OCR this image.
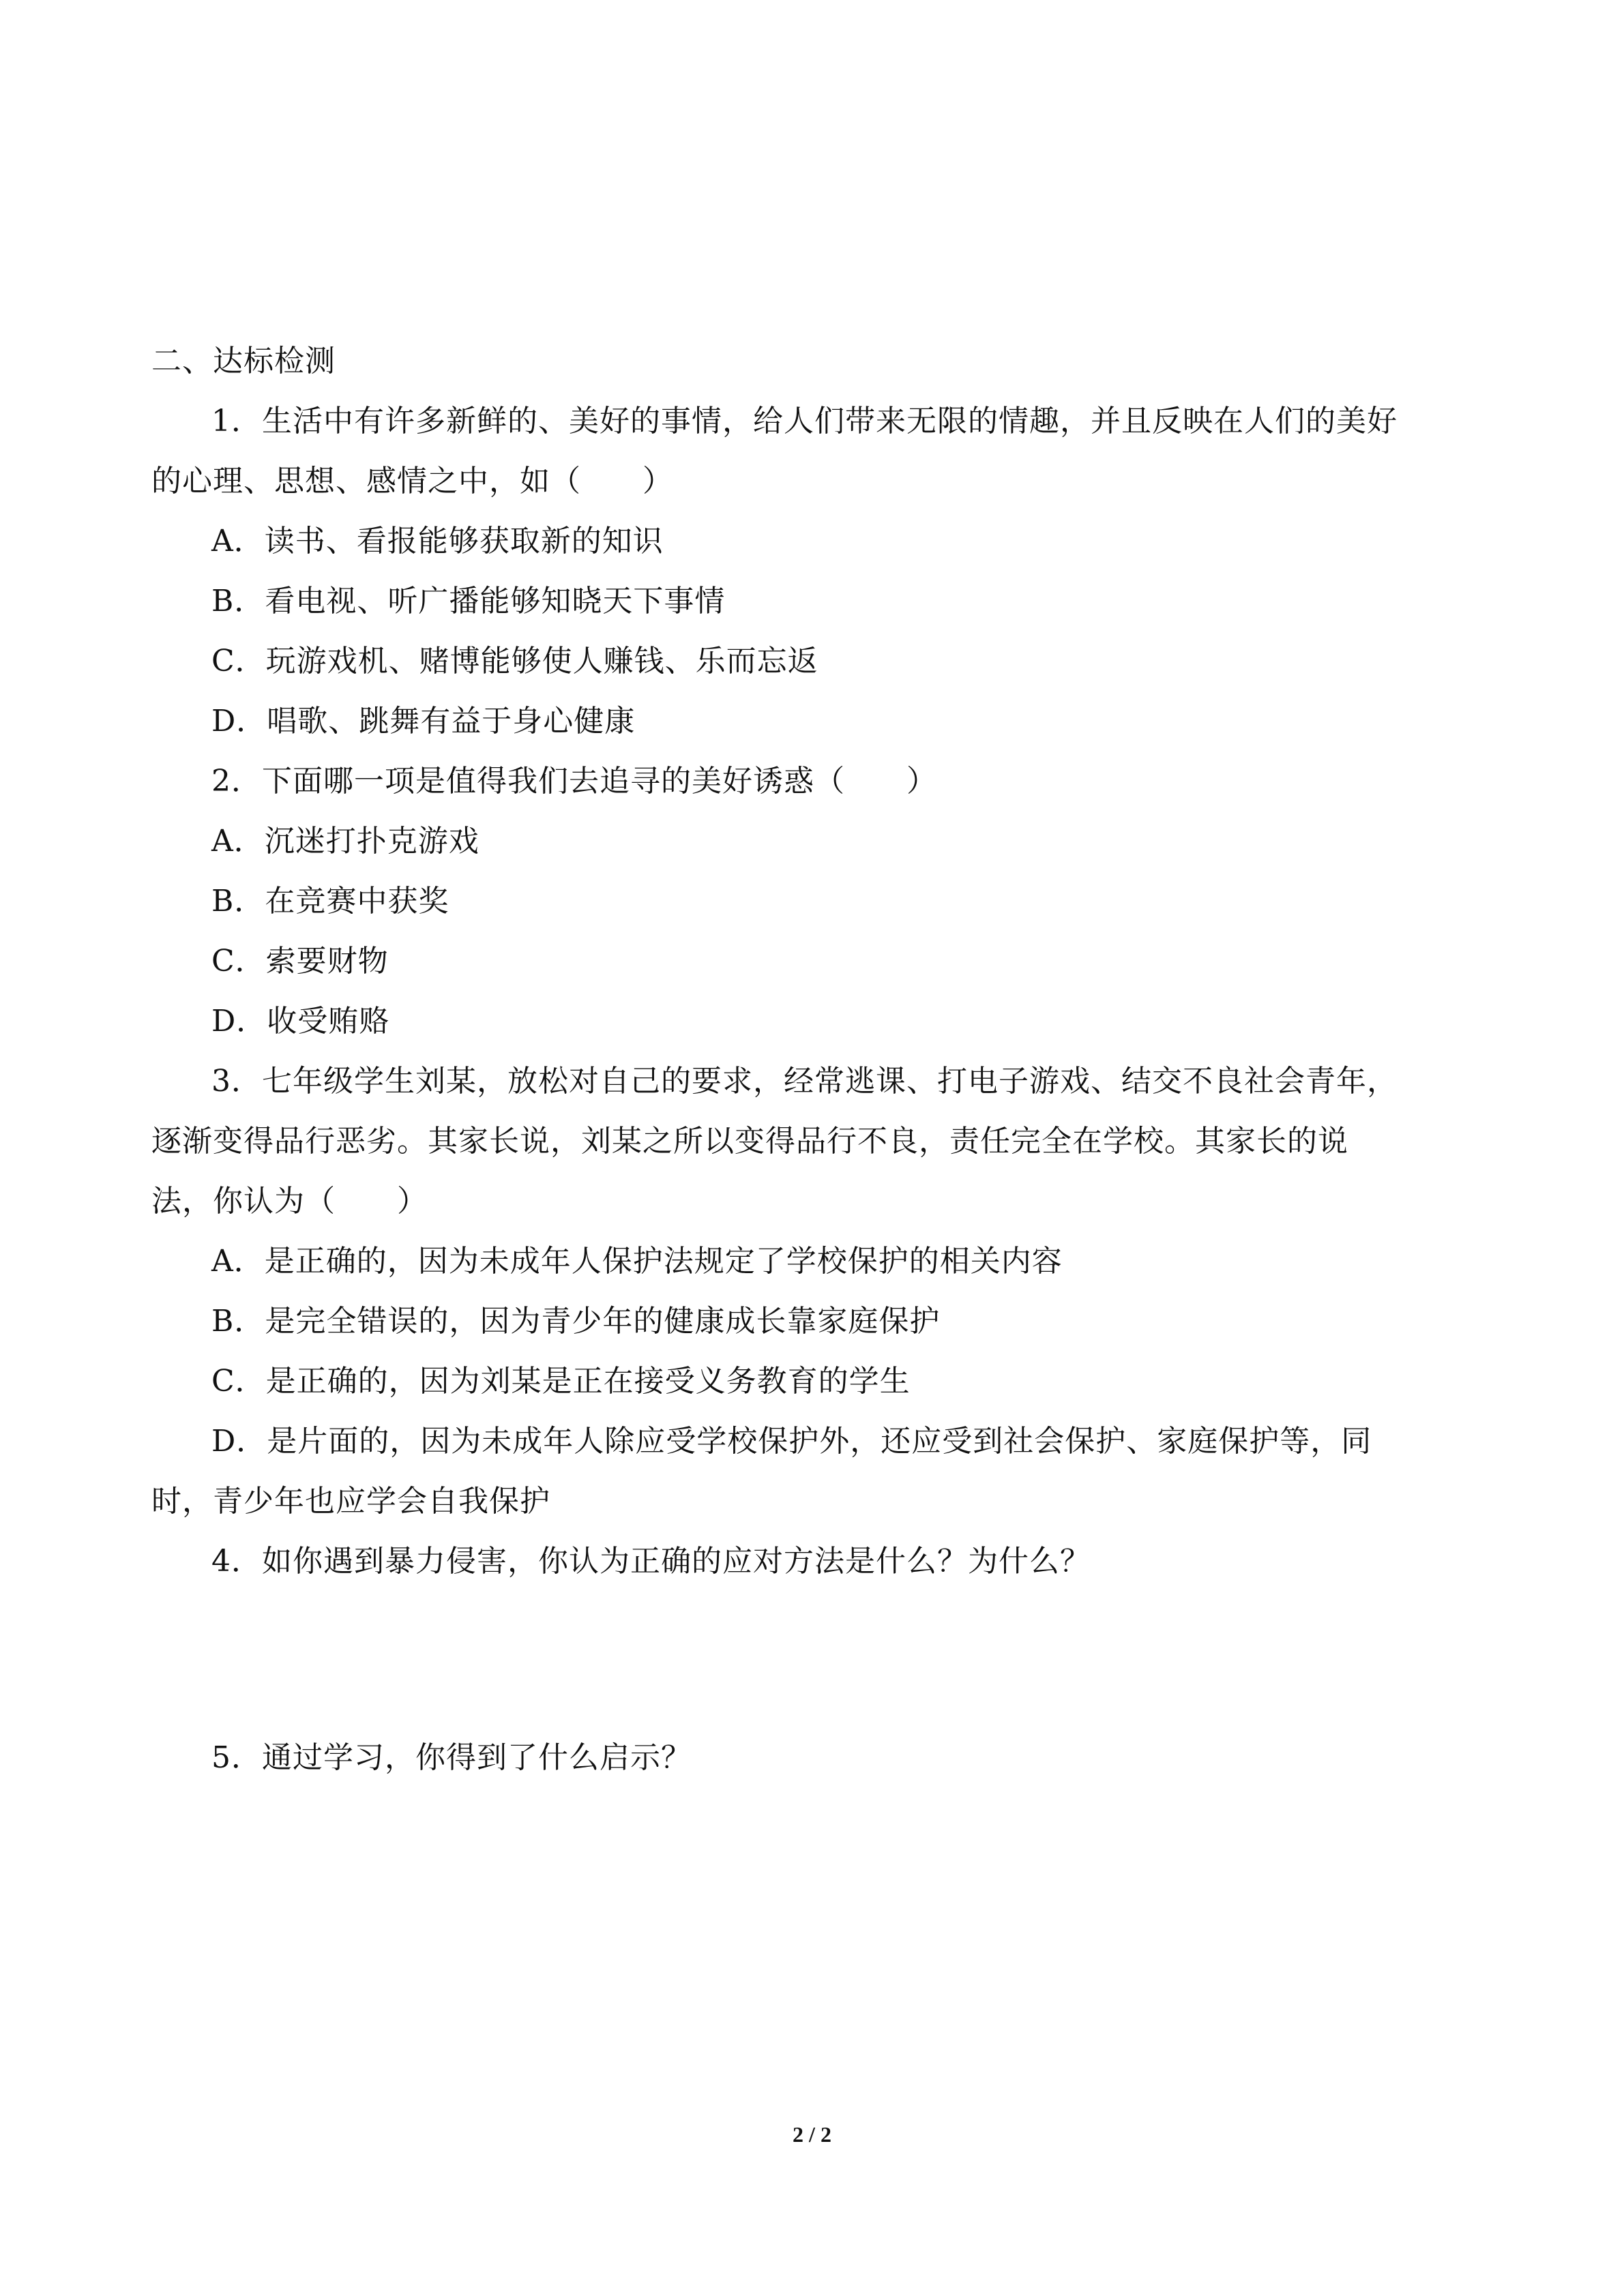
二、达标检测
1．生活中有许多新鲜的、美好的事情，给人们带来无限的情趣，并且反映在人们的美好
的心理、思想、感情之中，如（　　）
A．读书、看报能够获取新的知识
B．看电视、听广播能够知晓天下事情
C．玩游戏机、赌博能够使人赚钱、乐而忘返
D．唱歌、跳舞有益于身心健康
2．下面哪一项是值得我们去追寻的美好诱惑（　　）
A．沉迷打扑克游戏
B．在竞赛中获奖
C．索要财物
D．收受贿赂
3．七年级学生刘某，放松对自己的要求，经常逃课、打电子游戏、结交不良社会青年，
逐渐变得品行恶劣。其家长说，刘某之所以变得品行不良，责任完全在学校。其家长的说
法，你认为（　　）
A．是正确的，因为未成年人保护法规定了学校保护的相关内容
B．是完全错误的，因为青少年的健康成长靠家庭保护
C．是正确的，因为刘某是正在接受义务教育的学生
D．是片面的，因为未成年人除应受学校保护外，还应受到社会保护、家庭保护等，同
时，青少年也应学会自我保护
4．如你遇到暴力侵害，你认为正确的应对方法是什么？为什么？
5．通过学习，你得到了什么启示？
2 / 2
